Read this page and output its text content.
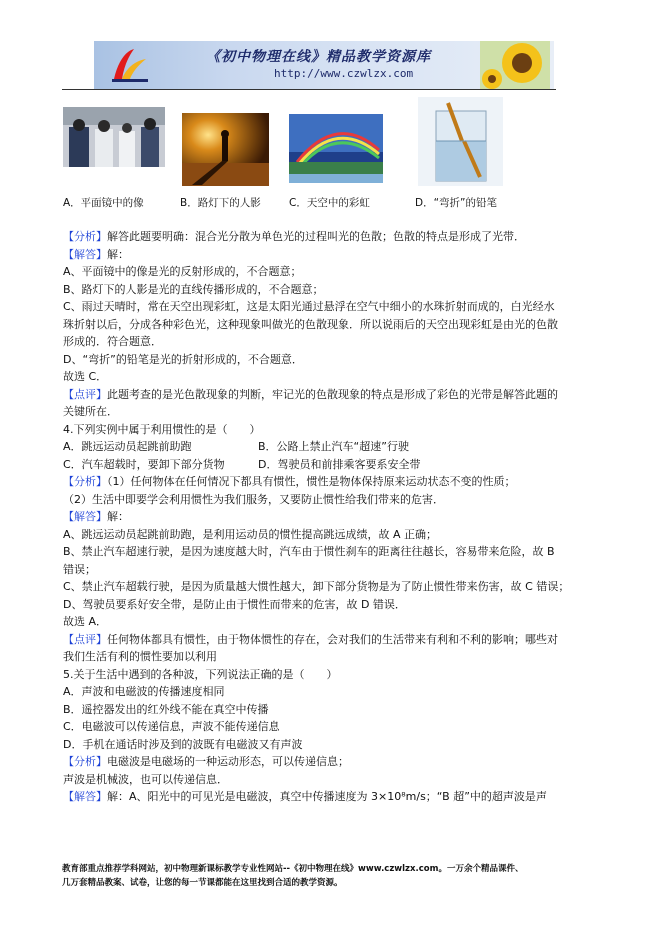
《初中物理在线》精品教学资源库
http://www.czwlzx.com
A．平面镜中的像	B．路灯下的人影	C．天空中的彩虹	D．“弯折”的铅笔
【分析】解答此题要明确：混合光分散为单色光的过程叫光的色散；色散的特点是形成了光带．
【解答】解：
A、平面镜中的像是光的反射形成的，不合题意；
B、路灯下的人影是光的直线传播形成的，不合题意；
C、雨过天晴时，常在天空出现彩虹，这是太阳光通过悬浮在空气中细小的水珠折射而成的，白光经水
珠折射以后，分成各种彩色光，这种现象叫做光的色散现象．所以说雨后的天空出现彩虹是由光的色散
形成的．符合题意．
D、“弯折”的铅笔是光的折射形成的，不合题意．
故选 C．
【点评】此题考查的是光色散现象的判断，牢记光的色散现象的特点是形成了彩色的光带是解答此题的
关键所在．
4.下列实例中属于利用惯性的是（　　）
A．跳远运动员起跳前助跑	B．公路上禁止汽车“超速”行驶
C．汽车超载时，要卸下部分货物	D．驾驶员和前排乘客要系安全带
【分析】（1）任何物体在任何情况下都具有惯性，惯性是物体保持原来运动状态不变的性质；
（2）生活中即要学会利用惯性为我们服务，又要防止惯性给我们带来的危害．
【解答】解：
A、跳远运动员起跳前助跑，是利用运动员的惯性提高跳远成绩，故 A 正确；
B、禁止汽车超速行驶，是因为速度越大时，汽车由于惯性刹车的距离往往越长，容易带来危险，故 B
错误；
C、禁止汽车超载行驶，是因为质量越大惯性越大，卸下部分货物是为了防止惯性带来伤害，故 C 错误；
D、驾驶员要系好安全带，是防止由于惯性而带来的危害，故 D 错误．
故选 A．
【点评】任何物体都具有惯性，由于物体惯性的存在，会对我们的生活带来有利和不利的影响；哪些对
我们生活有利的惯性要加以利用
5.关于生活中遇到的各种波，下列说法正确的是（　　）
A．声波和电磁波的传播速度相同
B．遥控器发出的红外线不能在真空中传播
C．电磁波可以传递信息，声波不能传递信息
D．手机在通话时涉及到的波既有电磁波又有声波
【分析】电磁波是电磁场的一种运动形态，可以传递信息；
声波是机械波，也可以传递信息．
【解答】解：A、阳光中的可见光是电磁波，真空中传播速度为 3×10⁸m/s；“B 超”中的超声波是声
教育部重点推荐学科网站，初中物理新课标教学专业性网站--《初中物理在线》www.czwlzx.com。一万余个精品课件、
几万套精品教案、试卷，让您的每一节课都能在这里找到合适的教学资源。
